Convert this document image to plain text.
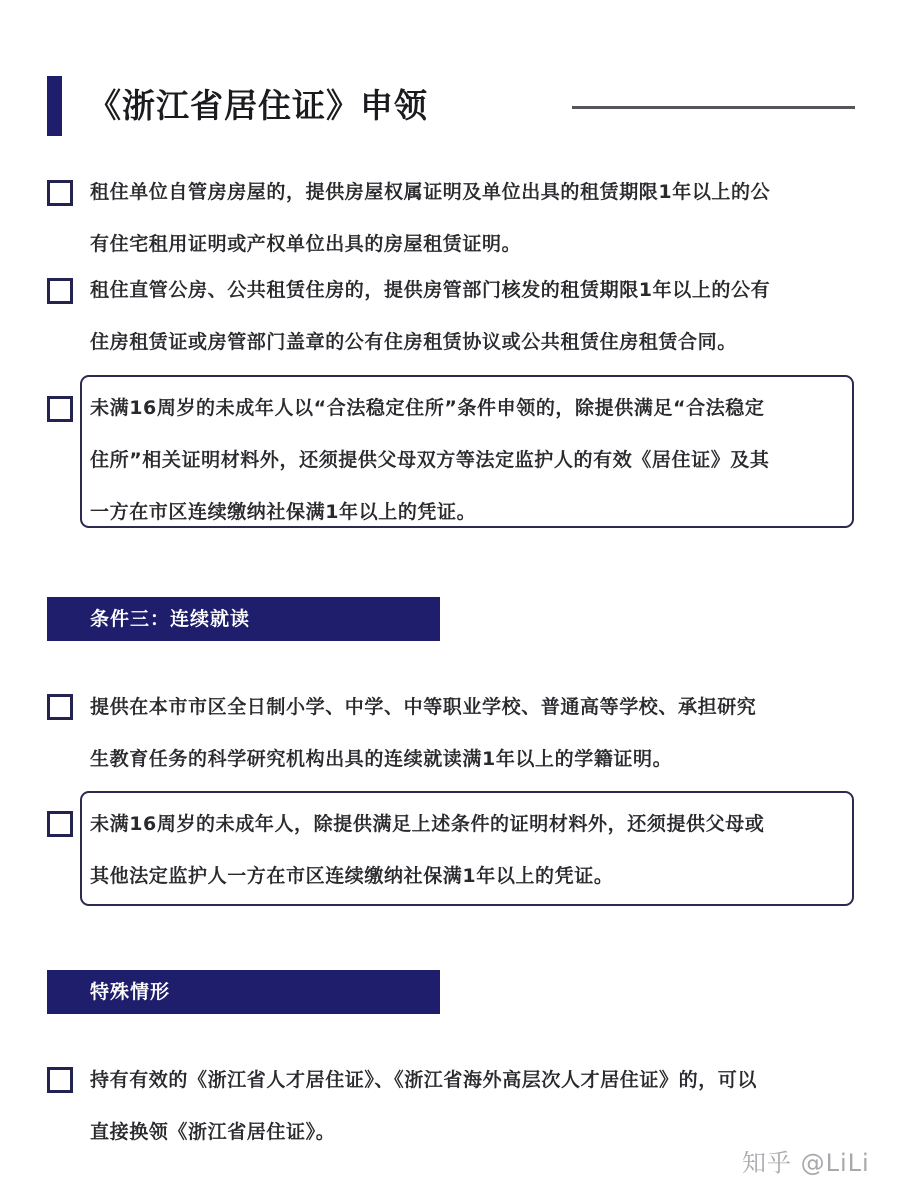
《浙江省居住证》申领
租住单位自管房房屋的，提供房屋权属证明及单位出具的租赁期限1年以上的公
有住宅租用证明或产权单位出具的房屋租赁证明。
租住直管公房、公共租赁住房的，提供房管部门核发的租赁期限1年以上的公有
住房租赁证或房管部门盖章的公有住房租赁协议或公共租赁住房租赁合同。
未满16周岁的未成年人以“合法稳定住所”条件申领的，除提供满足“合法稳定
住所”相关证明材料外，还须提供父母双方等法定监护人的有效《居住证》及其
一方在市区连续缴纳社保满1年以上的凭证。
条件三：连续就读
提供在本市市区全日制小学、中学、中等职业学校、普通高等学校、承担研究
生教育任务的科学研究机构出具的连续就读满1年以上的学籍证明。
未满16周岁的未成年人，除提供满足上述条件的证明材料外，还须提供父母或
其他法定监护人一方在市区连续缴纳社保满1年以上的凭证。
特殊情形
持有有效的《浙江省人才居住证》、《浙江省海外高层次人才居住证》的，可以
直接换领《浙江省居住证》。
知乎 @LiLi
